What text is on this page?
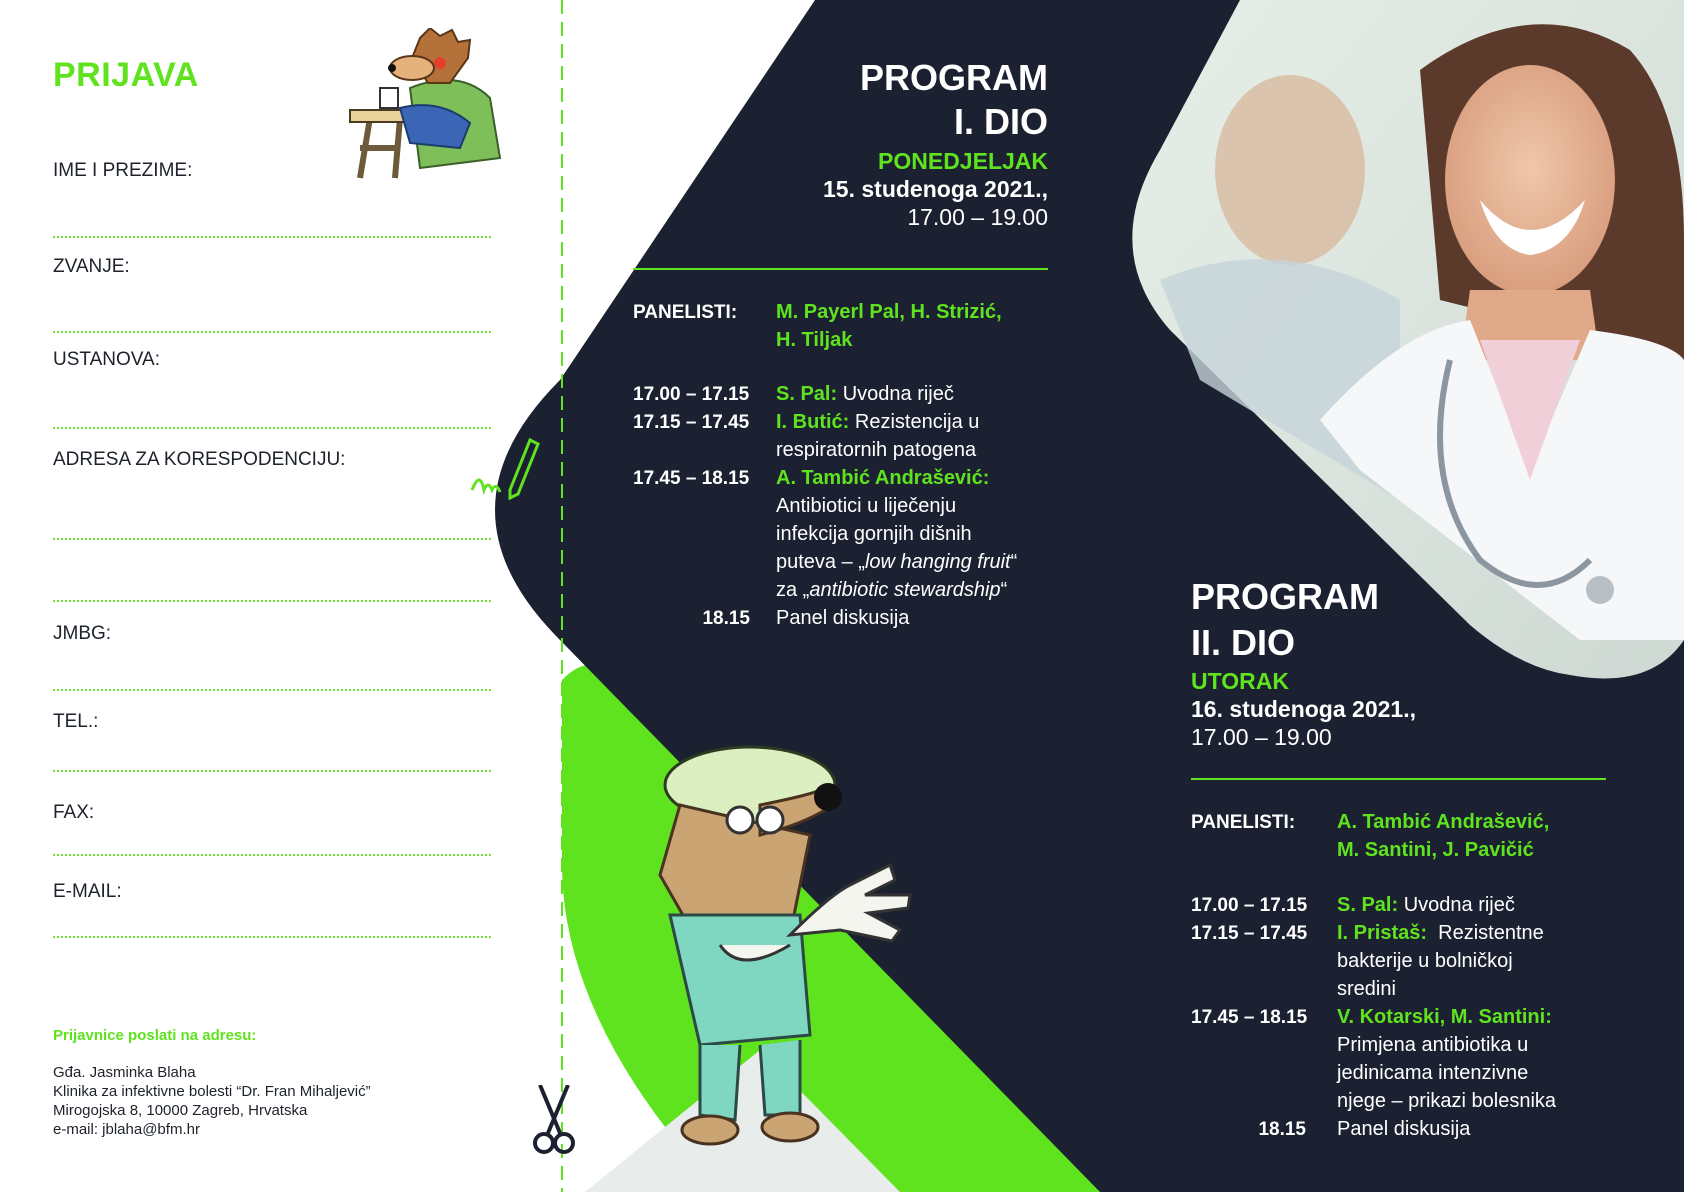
PRIJAVA
IME I PREZIME:
ZVANJE:
USTANOVA:
ADRESA ZA KORESPODENCIJU:
JMBG:
TEL.:
FAX:
E-MAIL:
Prijavnice poslati na adresu:
Gđa. Jasminka Blaha
Klinika za infektivne bolesti “Dr. Fran Mihaljević”
Mirogojska 8, 10000 Zagreb, Hrvatska
e-mail: jblaha@bfm.hr
PROGRAM
I. DIO
PONEDJELJAK
15. studenoga 2021.,
17.00 – 19.00
PANELISTI: M. Payerl Pal, H. Strizić,
H. Tiljak
17.00 – 17.15	S. Pal: Uvodna riječ
17.15 – 17.45	I. Butić: Rezistencija u
respiratornih patogena
17.45 – 18.15	A. Tambić Andrašević:
Antibiotici u liječenju
infekcija gornjih dišnih
puteva – „low hanging fruit“
za „antibiotic stewardship“
18.15 Panel diskusija
PROGRAM
II. DIO
UTORAK
16. studenoga 2021.,
17.00 – 19.00
PANELISTI: A. Tambić Andrašević,
M. Santini, J. Pavičić
17.00 – 17.15	S. Pal: Uvodna riječ
17.15 – 17.45	I. Pristaš: Rezistentne
bakterije u bolničkoj
sredini
17.45 – 18.15	V. Kotarski, M. Santini:
Primjena antibiotika u
jedinicama intenzivne
njege – prikazi bolesnika
18.15 Panel diskusija
